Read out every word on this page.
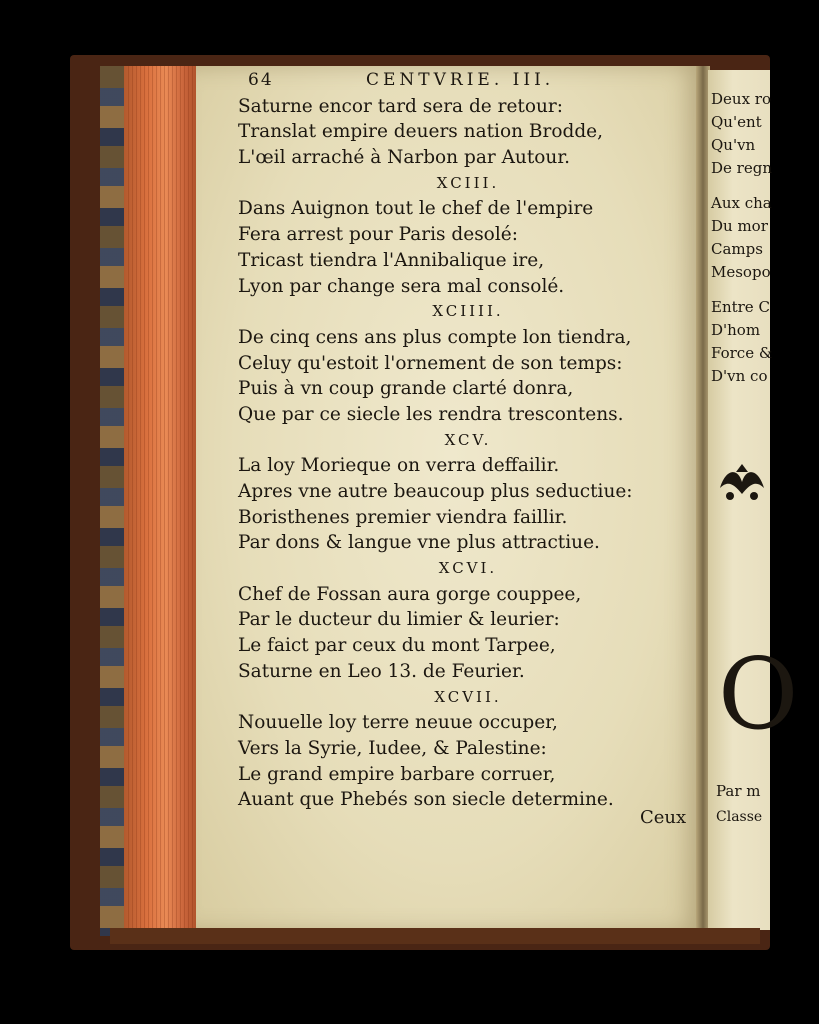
64	CENTVRIE. III.
Saturne encor tard sera de retour:
Translat empire deuers nation Brodde,
L'œil arraché à Narbon par Autour.
XCIII.
Dans Auignon tout le chef de l'empire
Fera arrest pour Paris desolé:
Tricast tiendra l'Annibalique ire,
Lyon par change sera mal consolé.
XCIIII.
De cinq cens ans plus compte lon tiendra,
Celuy qu'estoit l'ornement de son temps:
Puis à vn coup grande clarté donra,
Que par ce siecle les rendra trescontens.
XCV.
La loy Morieque on verra deffailir.
Apres vne autre beaucoup plus seductiue:
Boristhenes premier viendra faillir.
Par dons & langue vne plus attractiue.
XCVI.
Chef de Fossan aura gorge couppee,
Par le ducteur du limier & leurier:
Le faict par ceux du mont Tarpee,
Saturne en Leo 13. de Feurier.
XCVII.
Nouuelle loy terre neuue occuper,
Vers la Syrie, Iudee, & Palestine:
Le grand empire barbare corruer,
Auant que Phebés son siecle determine.
Ceux
Deux ro
Qu'ent
Qu'vn
De regn
Aux cha
Du mor
Camps
Mesopo
Entre C
D'hom
Force &
D'vn co
O
Par m
Classe
